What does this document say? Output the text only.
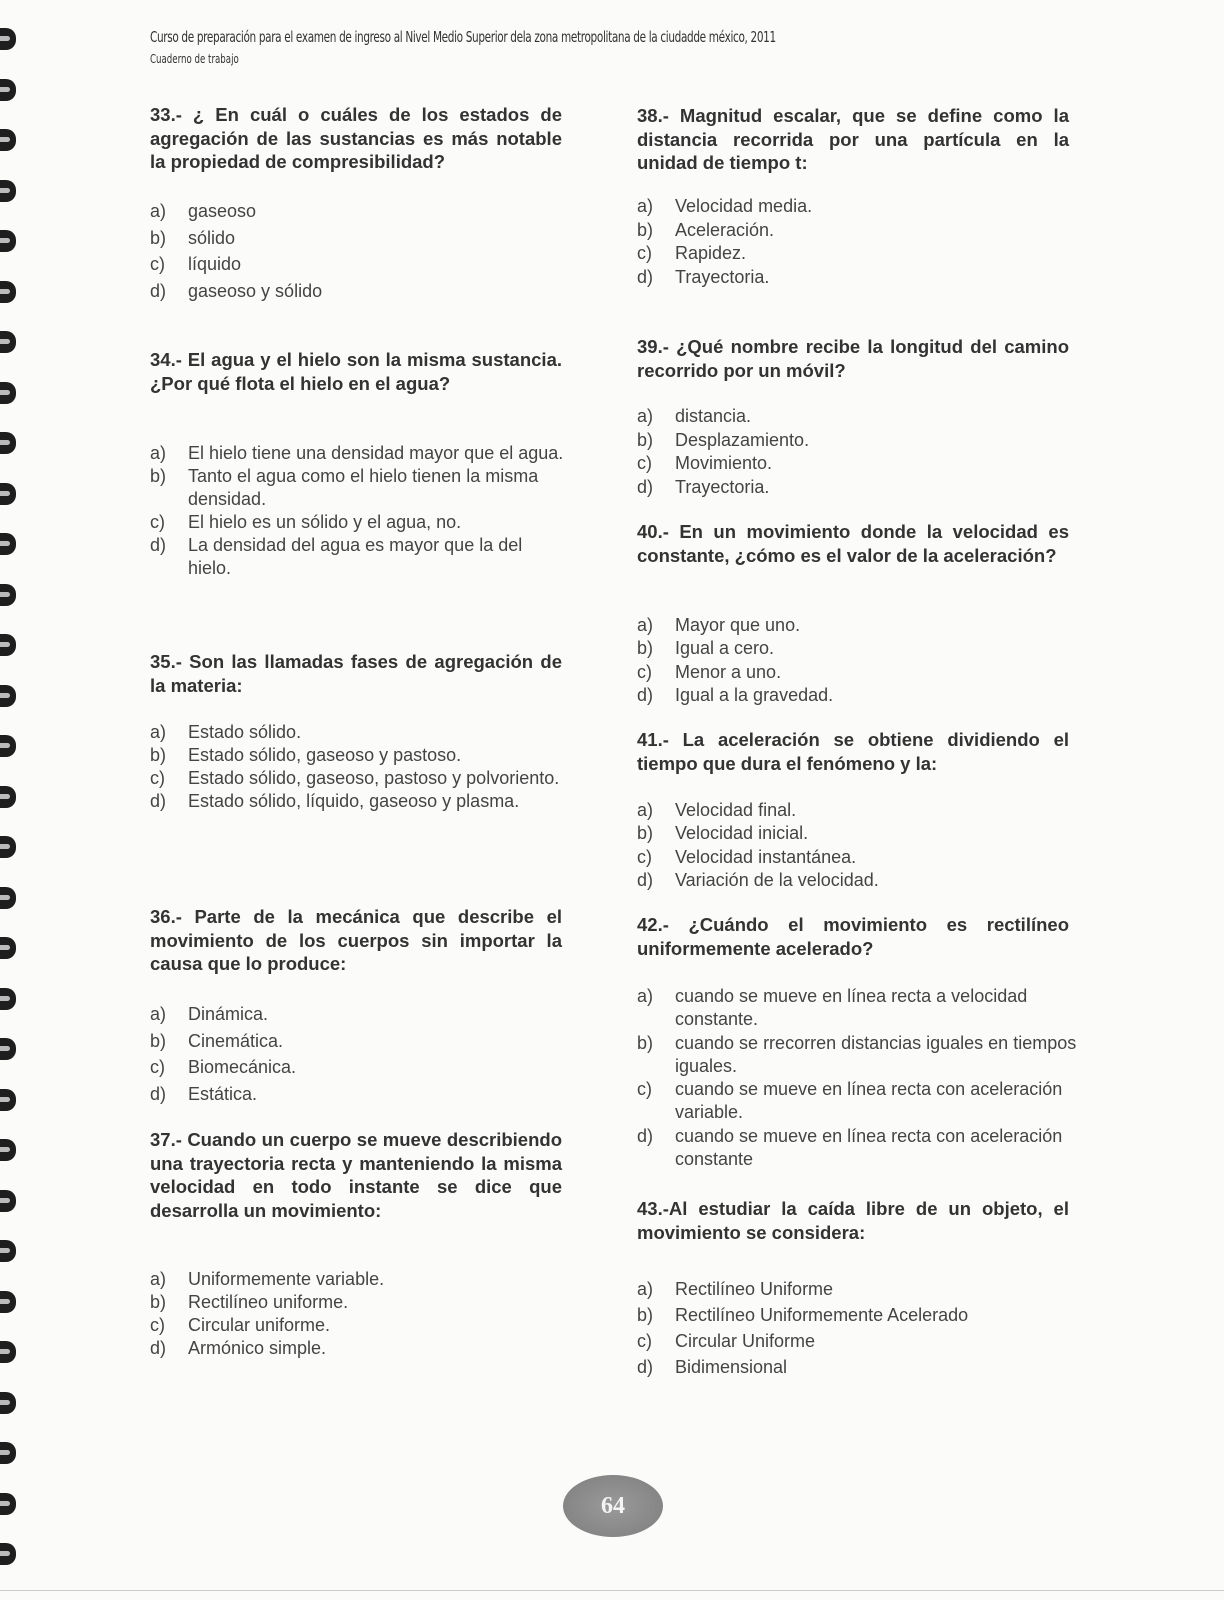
Curso de preparación para el examen de ingreso al Nivel Medio Superior dela zona metropolitana de la ciudadde méxico, 2011
Cuaderno de trabajo
33.- ¿ En cuál o cuáles de los estados de agregación de las sustancias es más notable la propiedad de compresibilidad?
a)	gaseoso
b)	sólido
c)	líquido
d)	gaseoso y sólido
34.- El agua y el hielo son la misma sustancia. ¿Por qué flota el hielo en el agua?
a)	El hielo tiene una densidad mayor que el agua.
b)	Tanto el agua como el hielo tienen la misma densidad.
c)	El hielo es un sólido y el agua, no.
d)	La densidad del agua es mayor que la del hielo.
35.- Son las llamadas fases de agregación de la materia:
a)	Estado sólido.
b)	Estado sólido, gaseoso y pastoso.
c)	Estado sólido, gaseoso, pastoso y polvoriento.
d)	Estado sólido, líquido, gaseoso y plasma.
36.- Parte de la mecánica que describe el movimiento de los cuerpos sin importar la causa que lo produce:
a)	Dinámica.
b)	Cinemática.
c)	Biomecánica.
d)	Estática.
37.- Cuando un cuerpo se mueve describiendo una trayectoria recta y manteniendo la misma velocidad en todo instante se dice que desarrolla un movimiento:
a)	Uniformemente variable.
b)	Rectilíneo uniforme.
c)	Circular uniforme.
d)	Armónico simple.
38.- Magnitud escalar, que se define como la distancia recorrida por una partícula en la unidad de tiempo t:
a)	Velocidad media.
b)	Aceleración.
c)	Rapidez.
d)	Trayectoria.
39.- ¿Qué nombre recibe la longitud del camino recorrido por un móvil?
a)	distancia.
b)	Desplazamiento.
c)	Movimiento.
d)	Trayectoria.
40.- En un movimiento donde la velocidad es constante, ¿cómo es el valor de la aceleración?
a)	Mayor que uno.
b)	Igual a cero.
c)	Menor a uno.
d)	Igual a la gravedad.
41.- La aceleración se obtiene dividiendo el tiempo que dura el fenómeno y la:
a)	Velocidad final.
b)	Velocidad inicial.
c)	Velocidad instantánea.
d)	Variación de la velocidad.
42.- ¿Cuándo el movimiento es rectilíneo uniformemente acelerado?
a)	cuando se mueve en línea recta a velocidad constante.
b)	cuando se rrecorren distancias iguales en tiempos iguales.
c)	cuando se mueve en línea recta con aceleración variable.
d)	cuando se mueve en línea recta con aceleración constante
43.-Al estudiar la caída libre de un objeto, el movimiento se considera:
a)	Rectilíneo Uniforme
b)	Rectilíneo Uniformemente Acelerado
c)	Circular Uniforme
d)	Bidimensional
64
